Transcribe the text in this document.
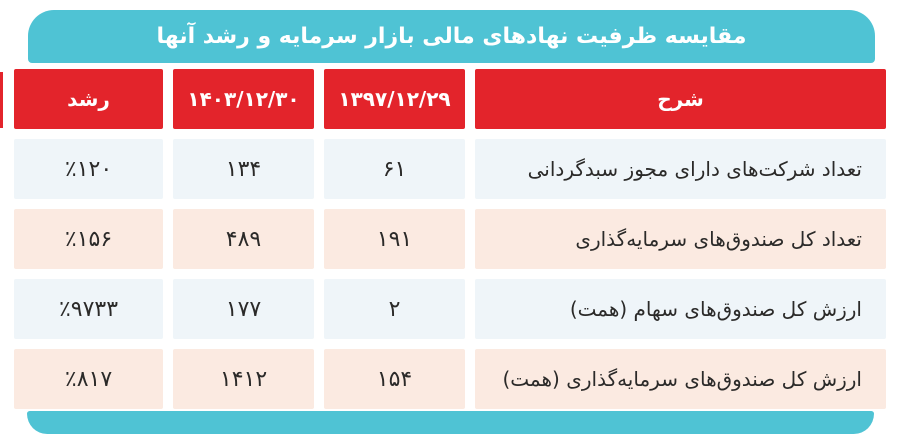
مقایسه ظرفیت نهادهای مالی بازار سرمایه و رشد آنها
شرح
۱۳۹۷/۱۲/۲۹
۱۴۰۳/۱۲/۳۰
رشد
تعداد شرکت‌های دارای مجوز سبدگردانی
۶۱
۱۳۴
٪۱۲۰
تعداد کل صندوق‌های سرمایه‌گذاری
۱۹۱
۴۸۹
٪۱۵۶
ارزش کل صندوق‌های سهام (همت)
۲
۱۷۷
٪۹۷۳۳
ارزش کل صندوق‌های سرمایه‌گذاری (همت)
۱۵۴
۱۴۱۲
٪۸۱۷
